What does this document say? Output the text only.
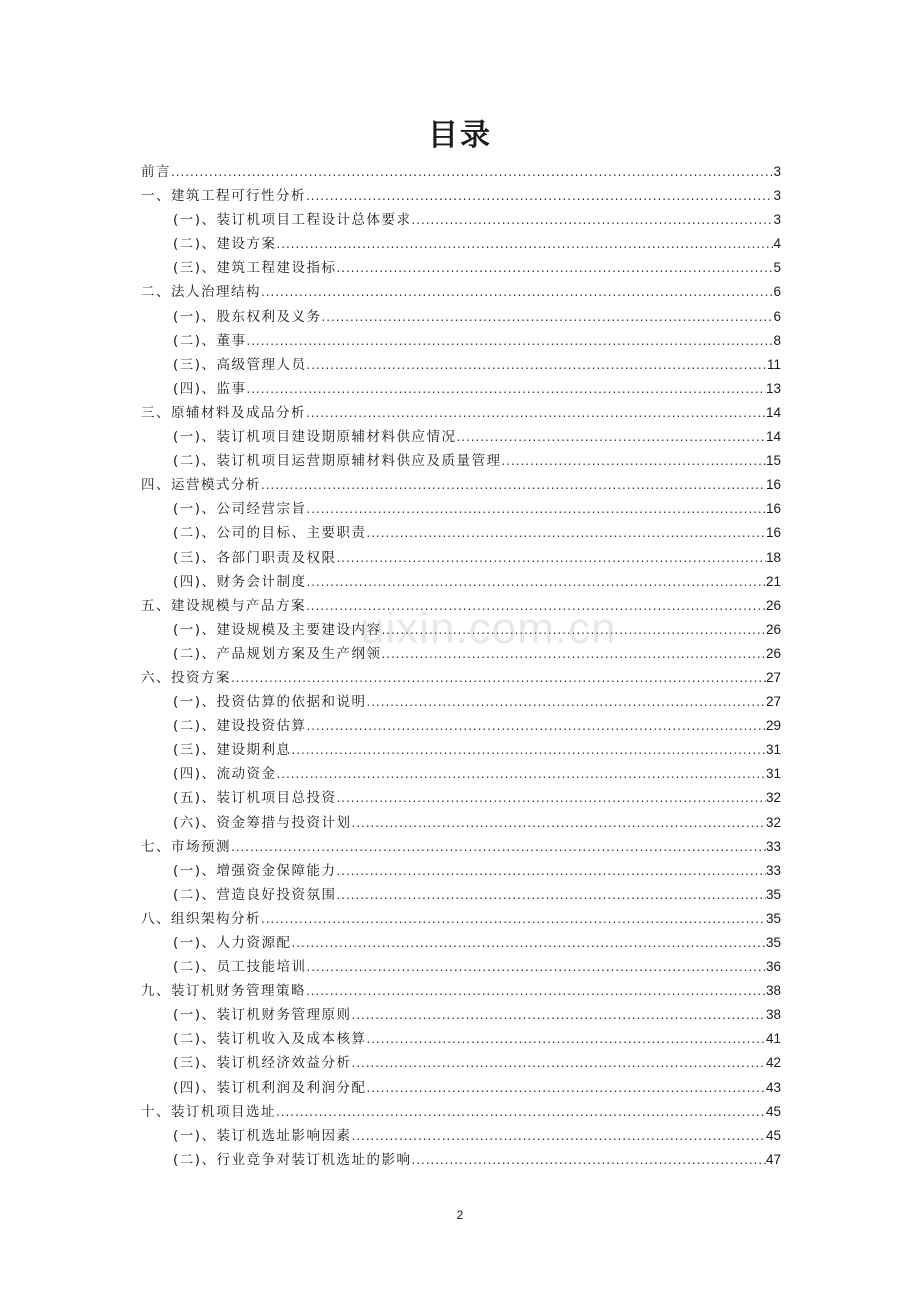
目录
前言 .....	3
一、建筑工程可行性分析 .....	3
(一)、装订机项目工程设计总体要求 .....	3
(二)、建设方案 .....	4
(三)、建筑工程建设指标 .....	5
二、法人治理结构 .....	6
(一)、股东权利及义务 .....	6
(二)、董事 .....	8
(三)、高级管理人员 .....	11
(四)、监事 .....	13
三、原辅材料及成品分析 .....	14
(一)、装订机项目建设期原辅材料供应情况 .....	14
(二)、装订机项目运营期原辅材料供应及质量管理 .....	15
四、运营模式分析 .....	16
(一)、公司经营宗旨 .....	16
(二)、公司的目标、主要职责 .....	16
(三)、各部门职责及权限 .....	18
(四)、财务会计制度 .....	21
五、建设规模与产品方案 .....	26
(一)、建设规模及主要建设内容 .....	26
(二)、产品规划方案及生产纲领 .....	26
六、投资方案 .....	27
(一)、投资估算的依据和说明 .....	27
(二)、建设投资估算 .....	29
(三)、建设期利息 .....	31
(四)、流动资金 .....	31
(五)、装订机项目总投资 .....	32
(六)、资金筹措与投资计划 .....	32
七、市场预测 .....	33
(一)、增强资金保障能力 .....	33
(二)、营造良好投资氛围 .....	35
八、组织架构分析 .....	35
(一)、人力资源配 .....	35
(二)、员工技能培训 .....	36
九、装订机财务管理策略 .....	38
(一)、装订机财务管理原则 .....	38
(二)、装订机收入及成本核算 .....	41
(三)、装订机经济效益分析 .....	42
(四)、装订机利润及利润分配 .....	43
十、装订机项目选址 .....	45
(一)、装订机选址影响因素 .....	45
(二)、行业竞争对装订机选址的影响 .....	47
uixin.com.cn
2
